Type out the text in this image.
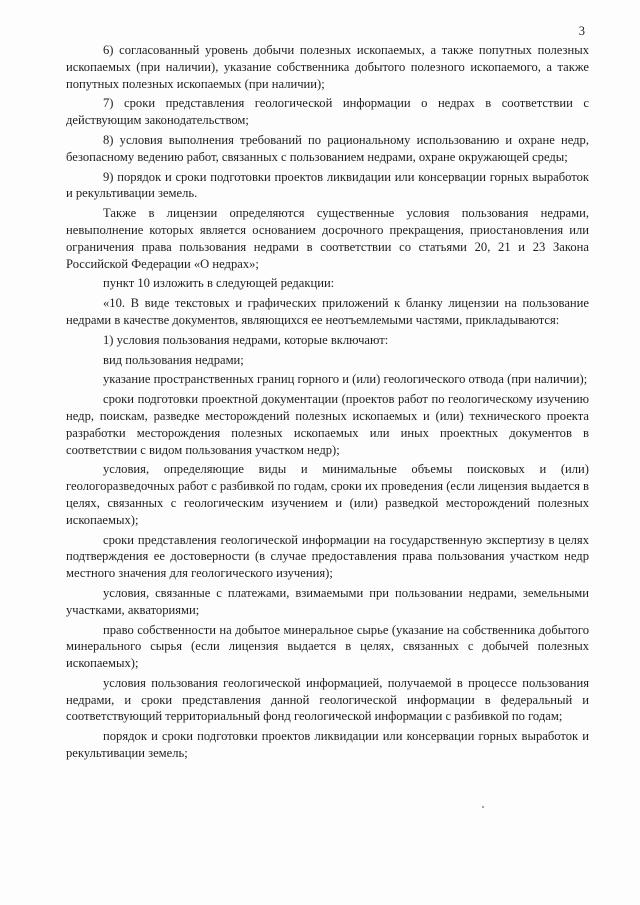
3

6) согласованный уровень добычи полезных ископаемых, а также попутных полезных ископаемых (при наличии), указание собственника добытого полезного ископаемого, а также попутных полезных ископаемых (при наличии);

7) сроки представления геологической информации о недрах в соответствии с действующим законодательством;

8) условия выполнения требований по рациональному использованию и охране недр, безопасному ведению работ, связанных с пользованием недрами, охране окружающей среды;

9) порядок и сроки подготовки проектов ликвидации или консервации горных выработок и рекультивации земель.

Также в лицензии определяются существенные условия пользования недрами, невыполнение которых является основанием досрочного прекращения, приостановления или ограничения права пользования недрами в соответствии со статьями 20, 21 и 23 Закона Российской Федерации «О недрах»;

пункт 10 изложить в следующей редакции:

«10. В виде текстовых и графических приложений к бланку лицензии на пользование недрами в качестве документов, являющихся ее неотъемлемыми частями, прикладываются:

1) условия пользования недрами, которые включают:

вид пользования недрами;

указание пространственных границ горного и (или) геологического отвода (при наличии);

сроки подготовки проектной документации (проектов работ по геологическому изучению недр, поискам, разведке месторождений полезных ископаемых и (или) технического проекта разработки месторождения полезных ископаемых или иных проектных документов в соответствии с видом пользования участком недр);

условия, определяющие виды и минимальные объемы поисковых и (или) геологоразведочных работ с разбивкой по годам, сроки их проведения (если лицензия выдается в целях, связанных с геологическим изучением и (или) разведкой месторождений полезных ископаемых);

сроки представления геологической информации на государственную экспертизу в целях подтверждения ее достоверности (в случае предоставления права пользования участком недр местного значения для геологического изучения);

условия, связанные с платежами, взимаемыми при пользовании недрами, земельными участками, акваториями;

право собственности на добытое минеральное сырье (указание на собственника добытого минерального сырья (если лицензия выдается в целях, связанных с добычей полезных ископаемых);

условия пользования геологической информацией, получаемой в процессе пользования недрами, и сроки представления данной геологической информации в федеральный и соответствующий территориальный фонд геологической информации с разбивкой по годам;

порядок и сроки подготовки проектов ликвидации или консервации горных выработок и рекультивации земель;
